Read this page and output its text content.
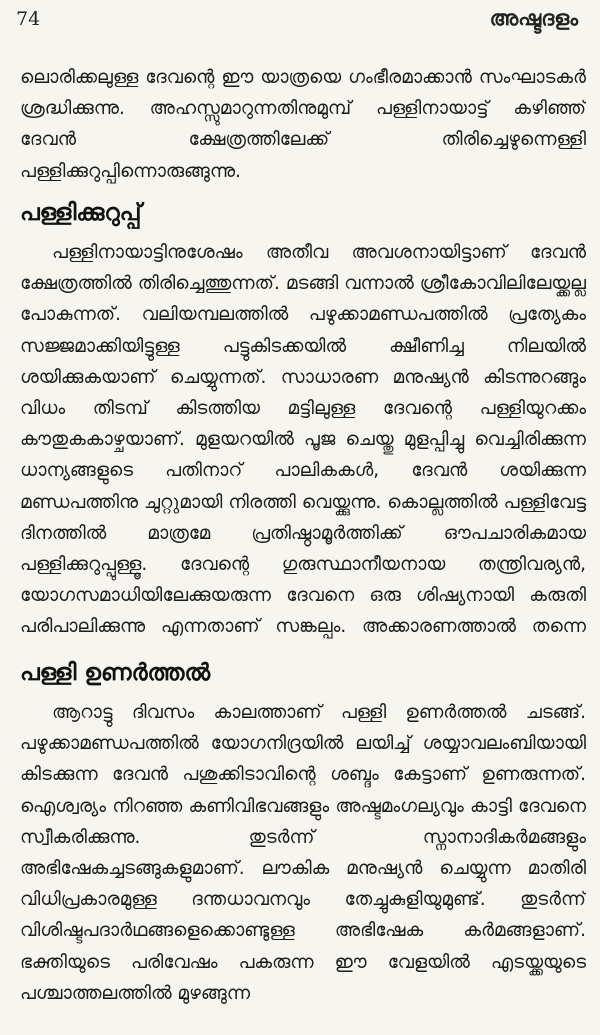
74	അഷ്ടദളം

ലൊരിക്കലുള്ള ദേവന്റെ ഈ യാത്രയെ ഗംഭീരമാക്കാൻ സംഘാടകർ ശ്രദ്ധിക്കുന്നു. അഹസ്സുമാറുന്നതിനുമുമ്പ് പള്ളിനായാട്ട് കഴിഞ്ഞ് ദേവൻ ക്ഷേത്രത്തിലേക്ക് തിരിച്ചെഴുന്നെള്ളി പള്ളിക്കുറുപ്പിന്നൊരുങ്ങുന്നു.

പള്ളിക്കുറുപ്പ്

പള്ളിനായാട്ടിനുശേഷം അതീവ അവശനായിട്ടാണ് ദേവൻ ക്ഷേത്രത്തിൽ തിരിച്ചെത്തുന്നത്. മടങ്ങി വന്നാൽ ശ്രീകോവിലിലേയ്ക്കല്ല പോകുന്നത്. വലിയമ്പലത്തിൽ പഴുക്കാമണ്ഡപത്തിൽ പ്രത്യേകം സജ്ജമാക്കിയിട്ടുള്ള പട്ടുകിടക്കയിൽ ക്ഷീണിച്ച നിലയിൽ ശയിക്കുകയാണ് ചെയ്യുന്നത്. സാധാരണ മനുഷ്യൻ കിടന്നുറങ്ങും വിധം തിടമ്പ് കിടത്തിയ മട്ടിലുള്ള ദേവന്റെ പള്ളിയുറക്കം കൗതുകകാഴ്ചയാണ്. മുളയറയിൽ പൂജ ചെയ്തു മുളപ്പിച്ചു വെച്ചിരിക്കുന്ന ധാന്യങ്ങളുടെ പതിനാറ് പാലികകൾ, ദേവൻ ശയിക്കുന്ന മണ്ഡപത്തിനു ചുറ്റുമായി നിരത്തി വെയ്ക്കുന്നു. കൊല്ലത്തിൽ പള്ളിവേട്ട ദിനത്തിൽ മാത്രമേ പ്രതിഷ്ഠാമൂർത്തിക്ക് ഔപചാരികമായ പള്ളിക്കുറുപ്പുള്ളൂ. ദേവന്റെ ഗുരുസ്ഥാനീയനായ തന്ത്രിവര്യൻ, യോഗസമാധിയിലേക്കുയരുന്ന ദേവനെ ഒരു ശിഷ്യനായി കരുതി പരിപാലിക്കുന്നു എന്നതാണ് സങ്കല്പം. അക്കാരണത്താൽ തന്നെ

പള്ളി ഉണർത്തൽ

ആറാട്ടു ദിവസം കാലത്താണ് പള്ളി ഉണർത്തൽ ചടങ്ങ്. പഴുക്കാമണ്ഡപത്തിൽ യോഗനിദ്രയിൽ ലയിച്ച് ശയ്യാവലംബിയായി കിടക്കുന്ന ദേവൻ പശുക്കിടാവിന്റെ ശബ്ദം കേട്ടാണ് ഉണരുന്നത്. ഐശ്വര്യം നിറഞ്ഞ കണിവിഭവങ്ങളും അഷ്ടമംഗല്യവും കാട്ടി ദേവനെ സ്വീകരിക്കുന്നു. തുടർന്ന് സ്നാനാദികർമങ്ങളും അഭിഷേകച്ചടങ്ങുകളുമാണ്. ലൗകിക മനുഷ്യൻ ചെയ്യുന്ന മാതിരി വിധിപ്രകാരമുള്ള ദന്തധാവനവും തേച്ചുകുളിയുമുണ്ട്. തുടർന്ന് വിശിഷ്ടപദാർഥങ്ങളെക്കൊണ്ടുള്ള അഭിഷേക കർമങ്ങളാണ്. ഭക്തിയുടെ പരിവേഷം പകരുന്ന ഈ വേളയിൽ എടയ്ക്കയുടെ പശ്ചാത്തലത്തിൽ മുഴങ്ങുന്ന
